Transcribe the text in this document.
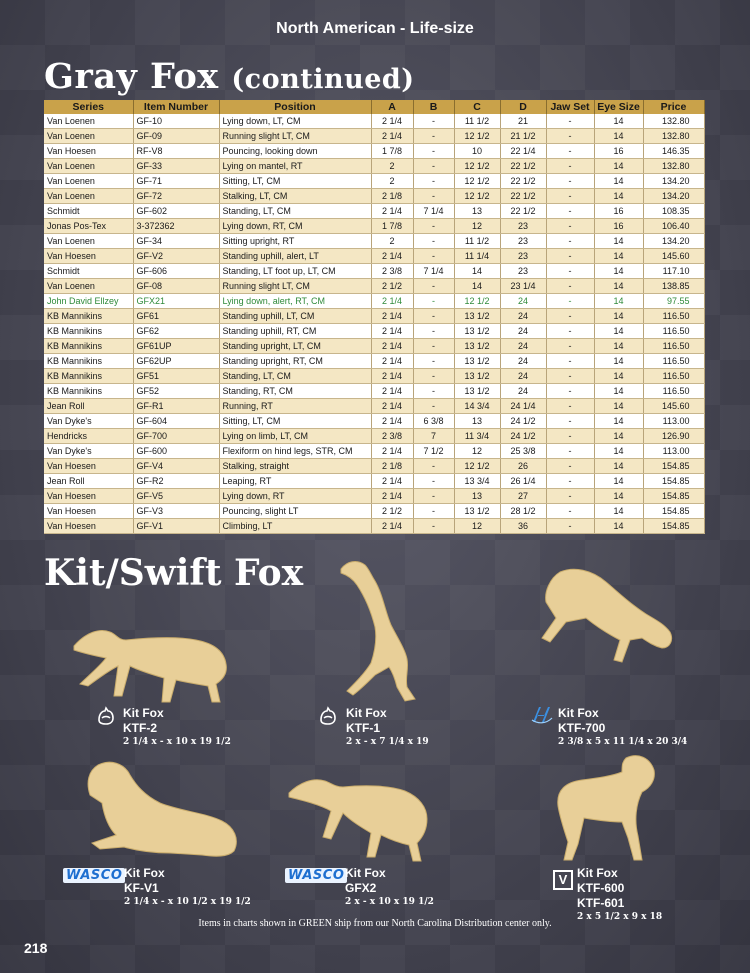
North American - Life-size
Gray Fox (continued)
Series	Item Number	Position	A	B	C	D	Jaw Set	Eye Size	Price
Van Loenen	GF-10	Lying down, LT, CM	2 1/4	-	11 1/2	21	-	14	132.80
Van Loenen	GF-09	Running slight LT, CM	2 1/4	-	12 1/2	21 1/2	-	14	132.80
Van Hoesen	RF-V8	Pouncing, looking down	1 7/8	-	10	22 1/4	-	16	146.35
Van Loenen	GF-33	Lying on mantel, RT	2	-	12 1/2	22 1/2	-	14	132.80
Van Loenen	GF-71	Sitting, LT, CM	2	-	12 1/2	22 1/2	-	14	134.20
Van Loenen	GF-72	Stalking, LT, CM	2 1/8	-	12 1/2	22 1/2	-	14	134.20
Schmidt	GF-602	Standing, LT, CM	2 1/4	7 1/4	13	22 1/2	-	16	108.35
Jonas Pos-Tex	3-372362	Lying down, RT, CM	1 7/8	-	12	23	-	16	106.40
Van Loenen	GF-34	Sitting upright, RT	2	-	11 1/2	23	-	14	134.20
Van Hoesen	GF-V2	Standing uphill, alert, LT	2 1/4	-	11 1/4	23	-	14	145.60
Schmidt	GF-606	Standing, LT foot up, LT, CM	2 3/8	7 1/4	14	23	-	14	117.10
Van Loenen	GF-08	Running slight LT, CM	2 1/2	-	14	23 1/4	-	14	138.85
John David Ellzey	GFX21	Lying down, alert, RT, CM	2 1/4	-	12 1/2	24	-	14	97.55
KB Mannikins	GF61	Standing uphill, LT, CM	2 1/4	-	13 1/2	24	-	14	116.50
KB Mannikins	GF62	Standing uphill, RT, CM	2 1/4	-	13 1/2	24	-	14	116.50
KB Mannikins	GF61UP	Standing upright, LT, CM	2 1/4	-	13 1/2	24	-	14	116.50
KB Mannikins	GF62UP	Standing upright, RT, CM	2 1/4	-	13 1/2	24	-	14	116.50
KB Mannikins	GF51	Standing, LT, CM	2 1/4	-	13 1/2	24	-	14	116.50
KB Mannikins	GF52	Standing, RT, CM	2 1/4	-	13 1/2	24	-	14	116.50
Jean Roll	GF-R1	Running, RT	2 1/4	-	14 3/4	24 1/4	-	14	145.60
Van Dyke's	GF-604	Sitting, LT, CM	2 1/4	6 3/8	13	24 1/2	-	14	113.00
Hendricks	GF-700	Lying on limb, LT, CM	2 3/8	7	11 3/4	24 1/2	-	14	126.90
Van Dyke's	GF-600	Flexiform on hind legs, STR, CM	2 1/4	7 1/2	12	25 3/8	-	14	113.00
Van Hoesen	GF-V4	Stalking, straight	2 1/8	-	12 1/2	26	-	14	154.85
Jean Roll	GF-R2	Leaping, RT	2 1/4	-	13 3/4	26 1/4	-	14	154.85
Van Hoesen	GF-V5	Lying down, RT	2 1/4	-	13	27	-	14	154.85
Van Hoesen	GF-V3	Pouncing, slight LT	2 1/2	-	13 1/2	28 1/2	-	14	154.85
Van Hoesen	GF-V1	Climbing, LT	2 1/4	-	12	36	-	14	154.85
Kit/Swift Fox
Kit Fox
KTF-2
2 1/4 x - x 10 x 19 1/2
Kit Fox
KTF-1
2 x - x 7 1/4 x 19
Kit Fox
KTF-700
2 3/8 x 5 x 11 1/4 x 20 3/4
WASCO Kit Fox
KF-V1
2 1/4 x - x 10 1/2 x 19 1/2
WASCO Kit Fox
GFX2
2 x - x 10 x 19 1/2
V Kit Fox
KTF-600
KTF-601
2 x 5 1/2 x 9 x 18
Items in charts shown in GREEN ship from our North Carolina Distribution center only.
218
